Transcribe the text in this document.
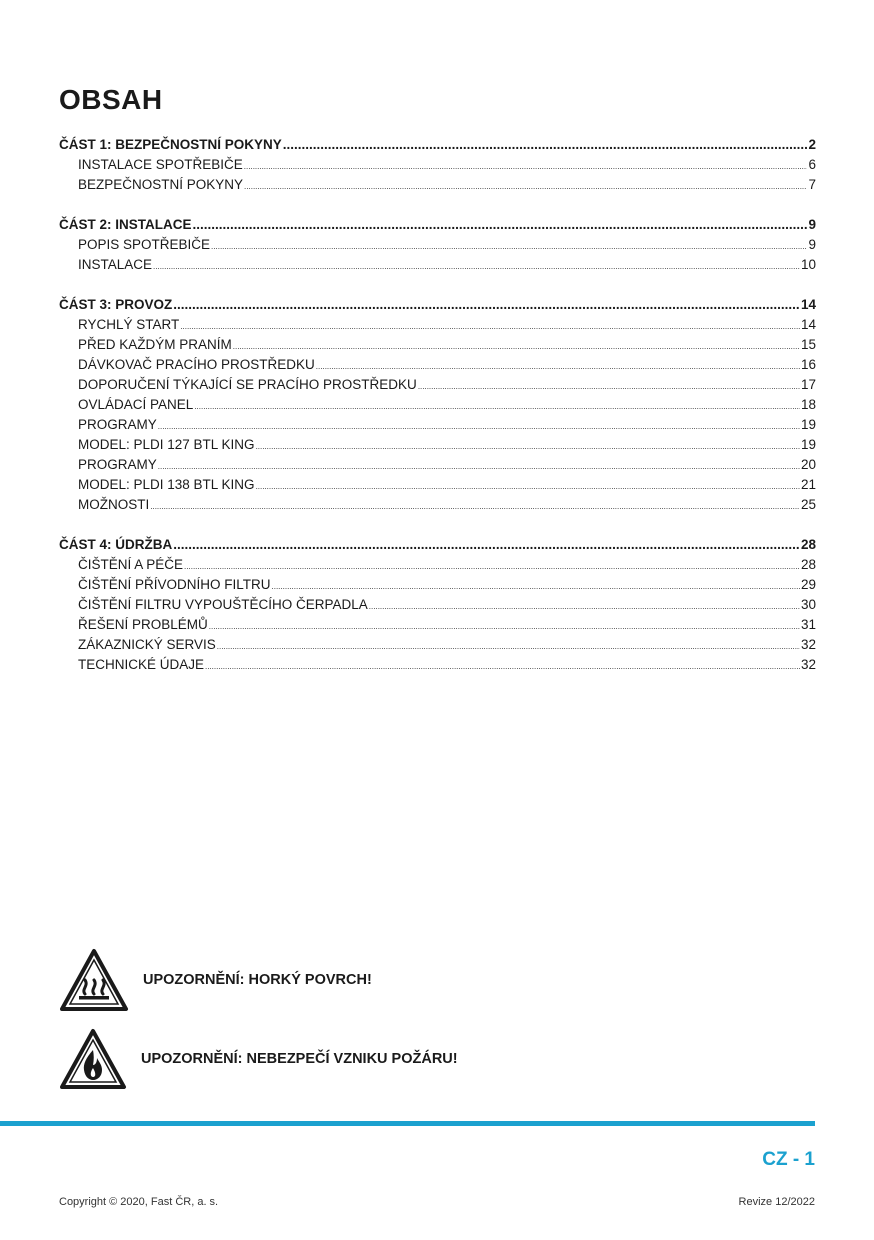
OBSAH
ČÁST 1: BEZPEČNOSTNÍ POKYNY .....	2
INSTALACE SPOTŘEBIČE .....	6
BEZPEČNOSTNÍ POKYNY .....	7
ČÁST 2: INSTALACE .....	9
POPIS SPOTŘEBIČE .....	9
INSTALACE .....	10
ČÁST 3: PROVOZ .....	14
RYCHLÝ START .....	14
PŘED KAŽDÝM PRANÍM .....	15
DÁVKOVAČ PRACÍHO PROSTŘEDKU .....	16
DOPORUČENÍ TÝKAJÍCÍ SE PRACÍHO PROSTŘEDKU .....	17
OVLÁDACÍ PANEL .....	18
PROGRAMY .....	19
MODEL: PLDI 127 BTL KING .....	19
PROGRAMY .....	20
MODEL: PLDI 138 BTL KING .....	21
MOŽNOSTI .....	25
ČÁST 4: ÚDRŽBA .....	28
ČIŠTĚNÍ A PÉČE .....	28
ČIŠTĚNÍ PŘÍVODNÍHO FILTRU .....	29
ČIŠTĚNÍ FILTRU VYPOUŠTĚCÍHO ČERPADLA .....	30
ŘEŠENÍ PROBLÉMŮ .....	31
ZÁKAZNICKÝ SERVIS .....	32
TECHNICKÉ ÚDAJE .....	32
UPOZORNĚNÍ: HORKÝ POVRCH!
UPOZORNĚNÍ: NEBEZPEČÍ VZNIKU POŽÁRU!
CZ - 1
Copyright © 2020, Fast ČR, a. s.	Revize 12/2022
